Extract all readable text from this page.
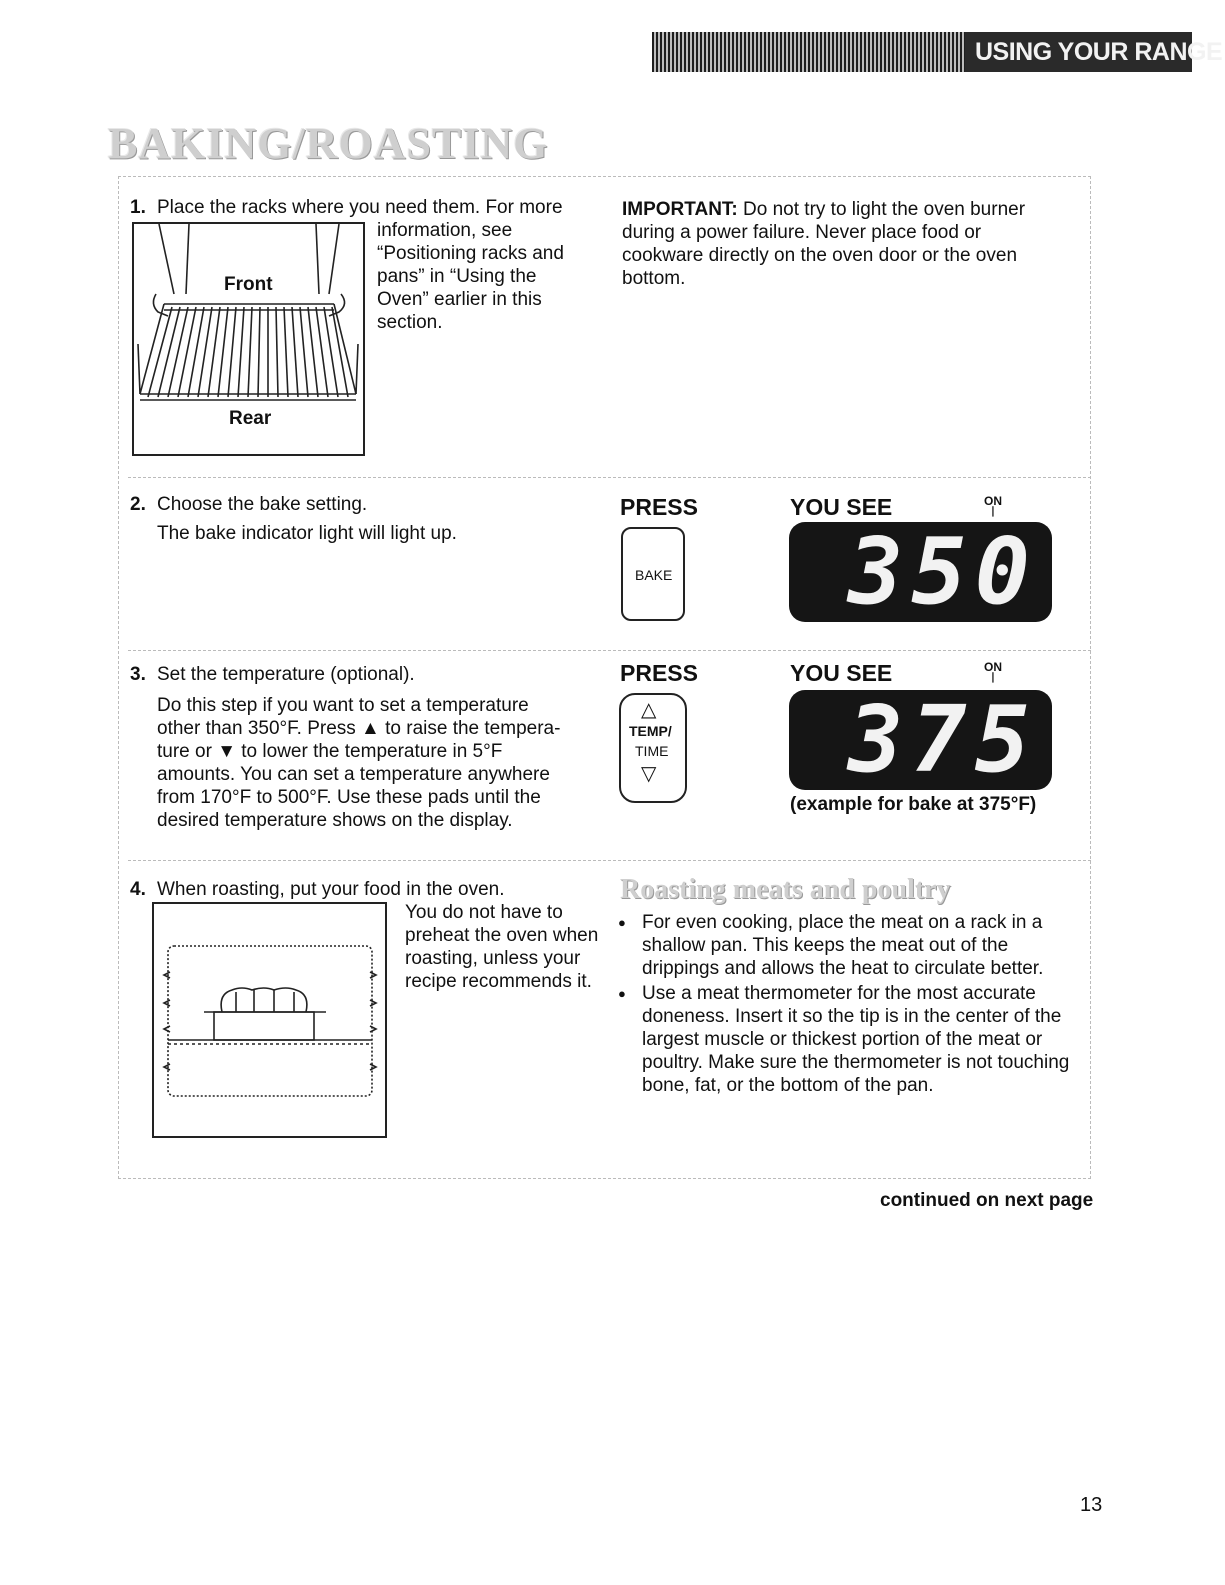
USING YOUR RANGE
BAKING/ROASTING
1. Place the racks where you need them. For more
information, see
“Positioning racks and
pans” in “Using the
Oven” earlier in this
section.
Front
Rear
IMPORTANT: Do not try to light the oven burner
during a power failure. Never place food or
cookware directly on the oven door or the oven
bottom.
2. Choose the bake setting.
The bake indicator light will light up.
PRESS	YOU SEE	ON
❘
BAKE 350
3. Set the temperature (optional).
Do this step if you want to set a temperature
other than 350°F. Press ▲ to raise the tempera-
ture or ▼ to lower the temperature in 5°F
amounts. You can set a temperature anywhere
from 170°F to 500°F. Use these pads until the
desired temperature shows on the display.
PRESS	YOU SEE	ON
❘
△
TEMP/
TIME
▽ 375
(example for bake at 375°F)
4. When roasting, put your food in the oven.
You do not have to
preheat the oven when
roasting, unless your
recipe recommends it.
Roasting meats and poultry
● For even cooking, place the meat on a rack in a
shallow pan. This keeps the meat out of the
drippings and allows the heat to circulate better.
● Use a meat thermometer for the most accurate
doneness. Insert it so the tip is in the center of the
largest muscle or thickest portion of the meat or
poultry. Make sure the thermometer is not touching
bone, fat, or the bottom of the pan.
continued on next page
13
